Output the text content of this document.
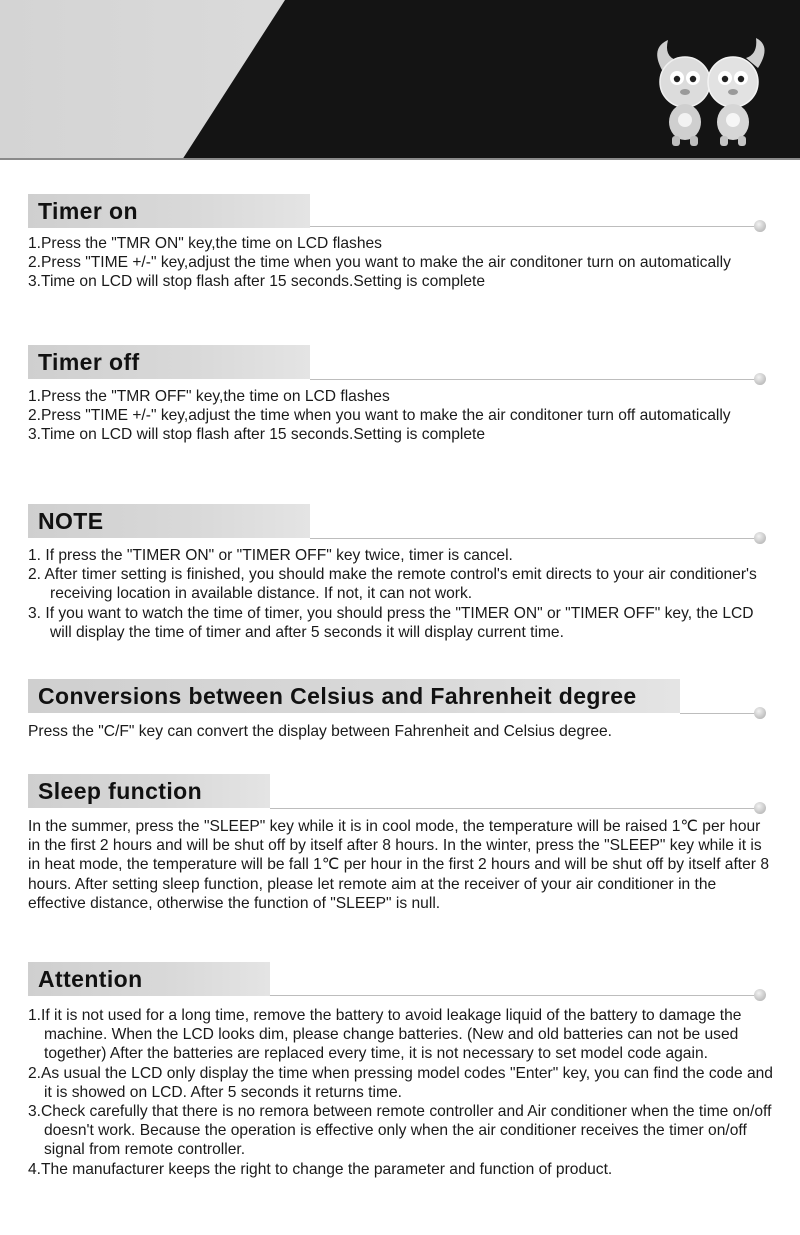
Timer on

1.Press the "TMR ON" key,the time on LCD flashes

2.Press "TIME +/-" key,adjust the time when you want to make the air conditoner turn on automatically

3.Time on LCD will stop flash after 15 seconds.Setting is complete

Timer off

1.Press the "TMR OFF" key,the time on LCD flashes

2.Press "TIME +/-" key,adjust the time when you want to make the air conditoner turn off automatically

3.Time on LCD will stop flash after 15 seconds.Setting is complete

NOTE

1. If press the "TIMER ON" or "TIMER OFF" key twice, timer is cancel.

2. After timer setting is finished, you should make the remote control's emit directs to your air conditioner's receiving location in available distance. If not, it can not work.

3. If you want to watch the time of timer, you should press the "TIMER ON" or "TIMER OFF" key, the LCD will display the time of timer and after 5 seconds it will display current time.

Conversions between Celsius and Fahrenheit degree

Press the "C/F" key can convert the display between Fahrenheit and Celsius degree.

Sleep function

In the summer, press the "SLEEP" key while it is in cool mode, the temperature will be raised 1℃ per hour in the first 2 hours and will be shut off by itself after 8 hours. In the winter, press the "SLEEP" key while it is in heat mode, the temperature will be fall 1℃ per hour in the first 2 hours and will be shut off by itself after 8 hours. After setting sleep function, please let remote aim at the receiver of your air conditioner in the effective distance, otherwise the function of "SLEEP" is null.

Attention

1.If it is not used for a long time, remove the battery to avoid leakage liquid of the battery to damage the machine. When the LCD looks dim, please change batteries. (New and old batteries can not be used together) After the batteries are replaced every time, it is not necessary to set model code again.

2.As usual the LCD only display the time when pressing model codes "Enter" key, you can find the code and it is showed on LCD. After 5 seconds it returns time.

3.Check carefully that there is no remora between remote controller and Air conditioner when the time on/off doesn't work. Because the operation is effective only when the air conditioner receives the timer on/off signal from remote controller.

4.The manufacturer keeps the right to change the parameter and function of product.
